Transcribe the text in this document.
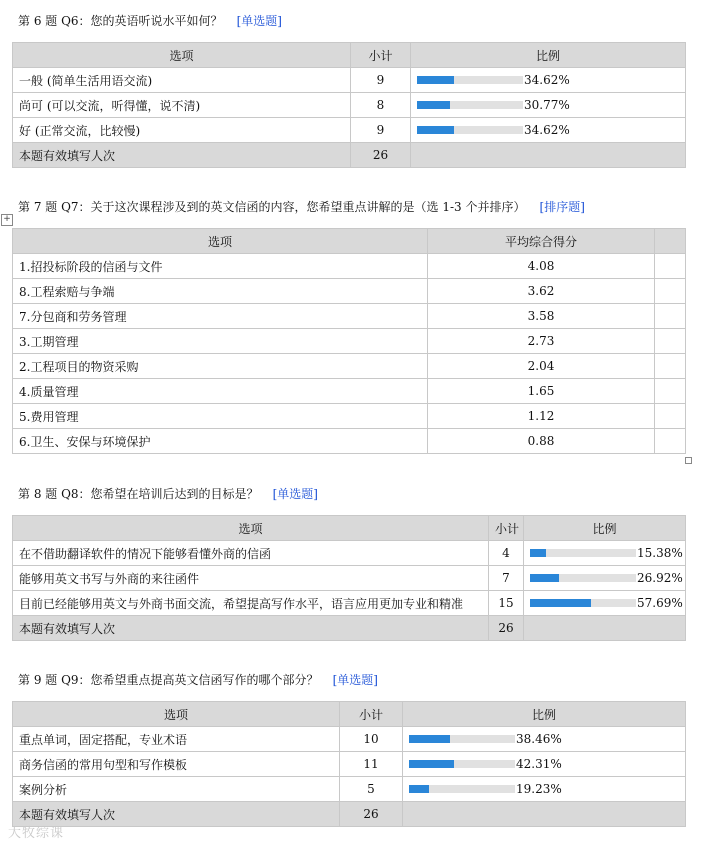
第 6 题 Q6：您的英语听说水平如何？ [单选题]
选项	小计	比例
一般 (简单生活用语交流)	9	34.62%
尚可 (可以交流，听得懂，说不清)	8	30.77%
好 (正常交流，比较慢)	9	34.62%
本题有效填写人次	26	
第 7 题 Q7：关于这次课程涉及到的英文信函的内容，您希望重点讲解的是（选 1-3 个并排序） [排序题]
+
选项	平均综合得分	
1.招投标阶段的信函与文件	4.08	
8.工程索赔与争端	3.62	
7.分包商和劳务管理	3.58	
3.工期管理	2.73	
2.工程项目的物资采购	2.04	
4.质量管理	1.65	
5.费用管理	1.12	
6.卫生、安保与环境保护	0.88	
第 8 题 Q8：您希望在培训后达到的目标是？ [单选题]
选项	小计	比例
在不借助翻译软件的情况下能够看懂外商的信函	4	15.38%
能够用英文书写与外商的来往函件	7	26.92%
目前已经能够用英文与外商书面交流，希望提高写作水平，语言应用更加专业和精准	15	57.69%
本题有效填写人次	26	
第 9 题 Q9：您希望重点提高英文信函写作的哪个部分？ [单选题]
选项	小计	比例
重点单词，固定搭配，专业术语	10	38.46%
商务信函的常用句型和写作模板	11	42.31%
案例分析	5	19.23%
本题有效填写人次	26	
大牧综课
